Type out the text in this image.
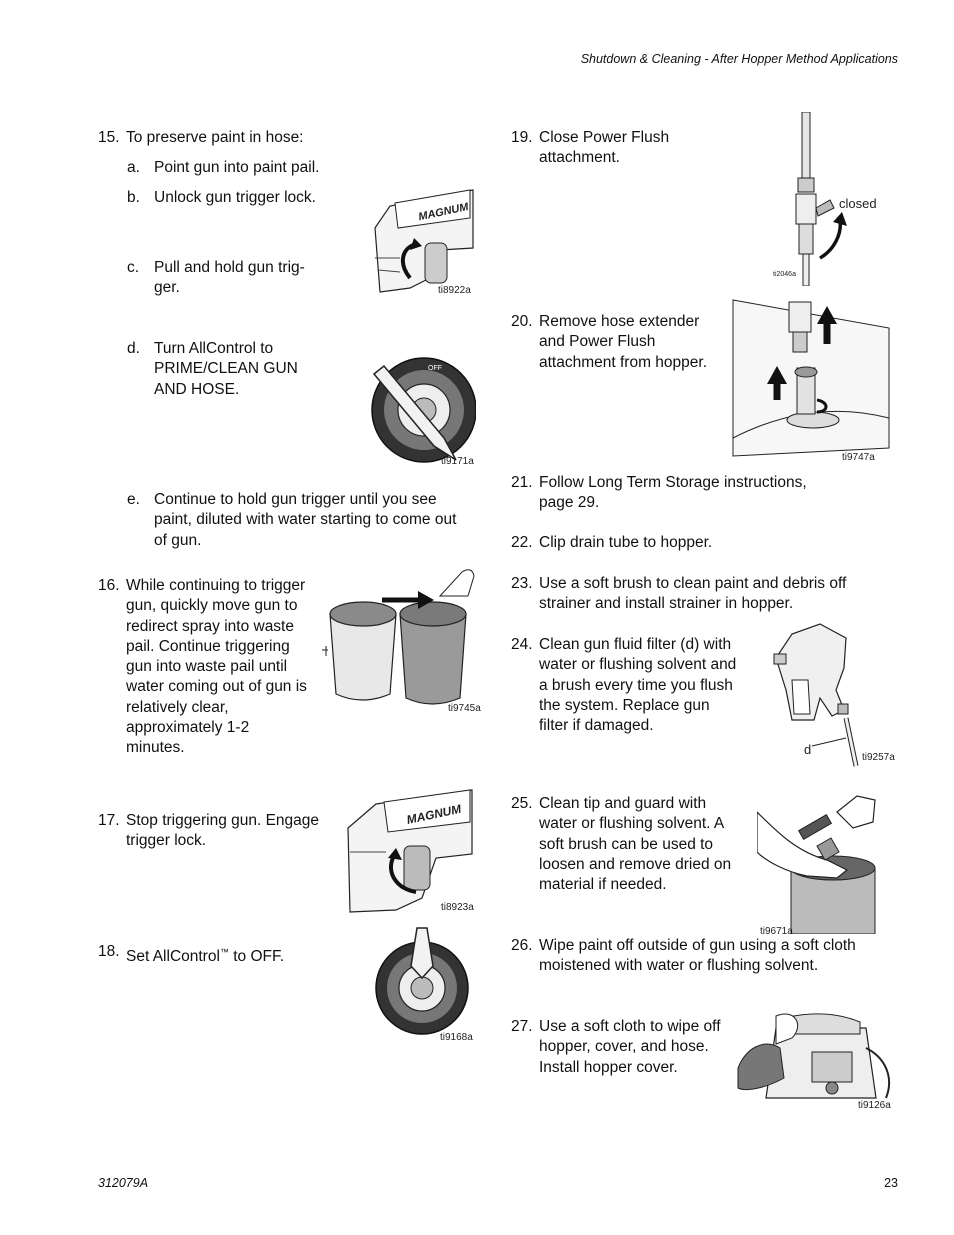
Shutdown & Cleaning - After Hopper Method Applications
15. To preserve paint in hose:
a. Point gun into paint pail.
b. Unlock gun trigger lock.
c. Pull and hold gun trig-ger.
d. Turn AllControl to PRIME/CLEAN GUN AND HOSE.
e. Continue to hold gun trigger until you see paint, diluted with water starting to come out of gun.
16. While continuing to trigger gun, quickly move gun to redirect spray into waste pail. Continue triggering gun into waste pail until water coming out of gun is relatively clear, approximately 1-2 minutes.
17. Stop triggering gun. Engage trigger lock.
18. Set AllControl™ to OFF.
19. Close Power Flush attachment.
20. Remove hose extender and Power Flush attachment from hopper.
21. Follow Long Term Storage instructions, page 29.
22. Clip drain tube to hopper.
23. Use a soft brush to clean paint and debris off strainer and install strainer in hopper.
24. Clean gun fluid filter (d) with water or flushing solvent and a brush every time you flush the system. Replace gun filter if damaged.
25. Clean tip and guard with water or flushing solvent. A soft brush can be used to loosen and remove dried on material if needed.
26. Wipe paint off outside of gun using a soft cloth moistened with water or flushing solvent.
27. Use a soft cloth to wipe off hopper, cover, and hose. Install hopper cover.
MAGNUM
ti8922a
OFF
ti9171a
ti9745a
MAGNUM
ti8923a
ti9168a
closed
ti2046a
ti9747a
d
ti9257a
ti9671a
ti9126a
312079A	23
